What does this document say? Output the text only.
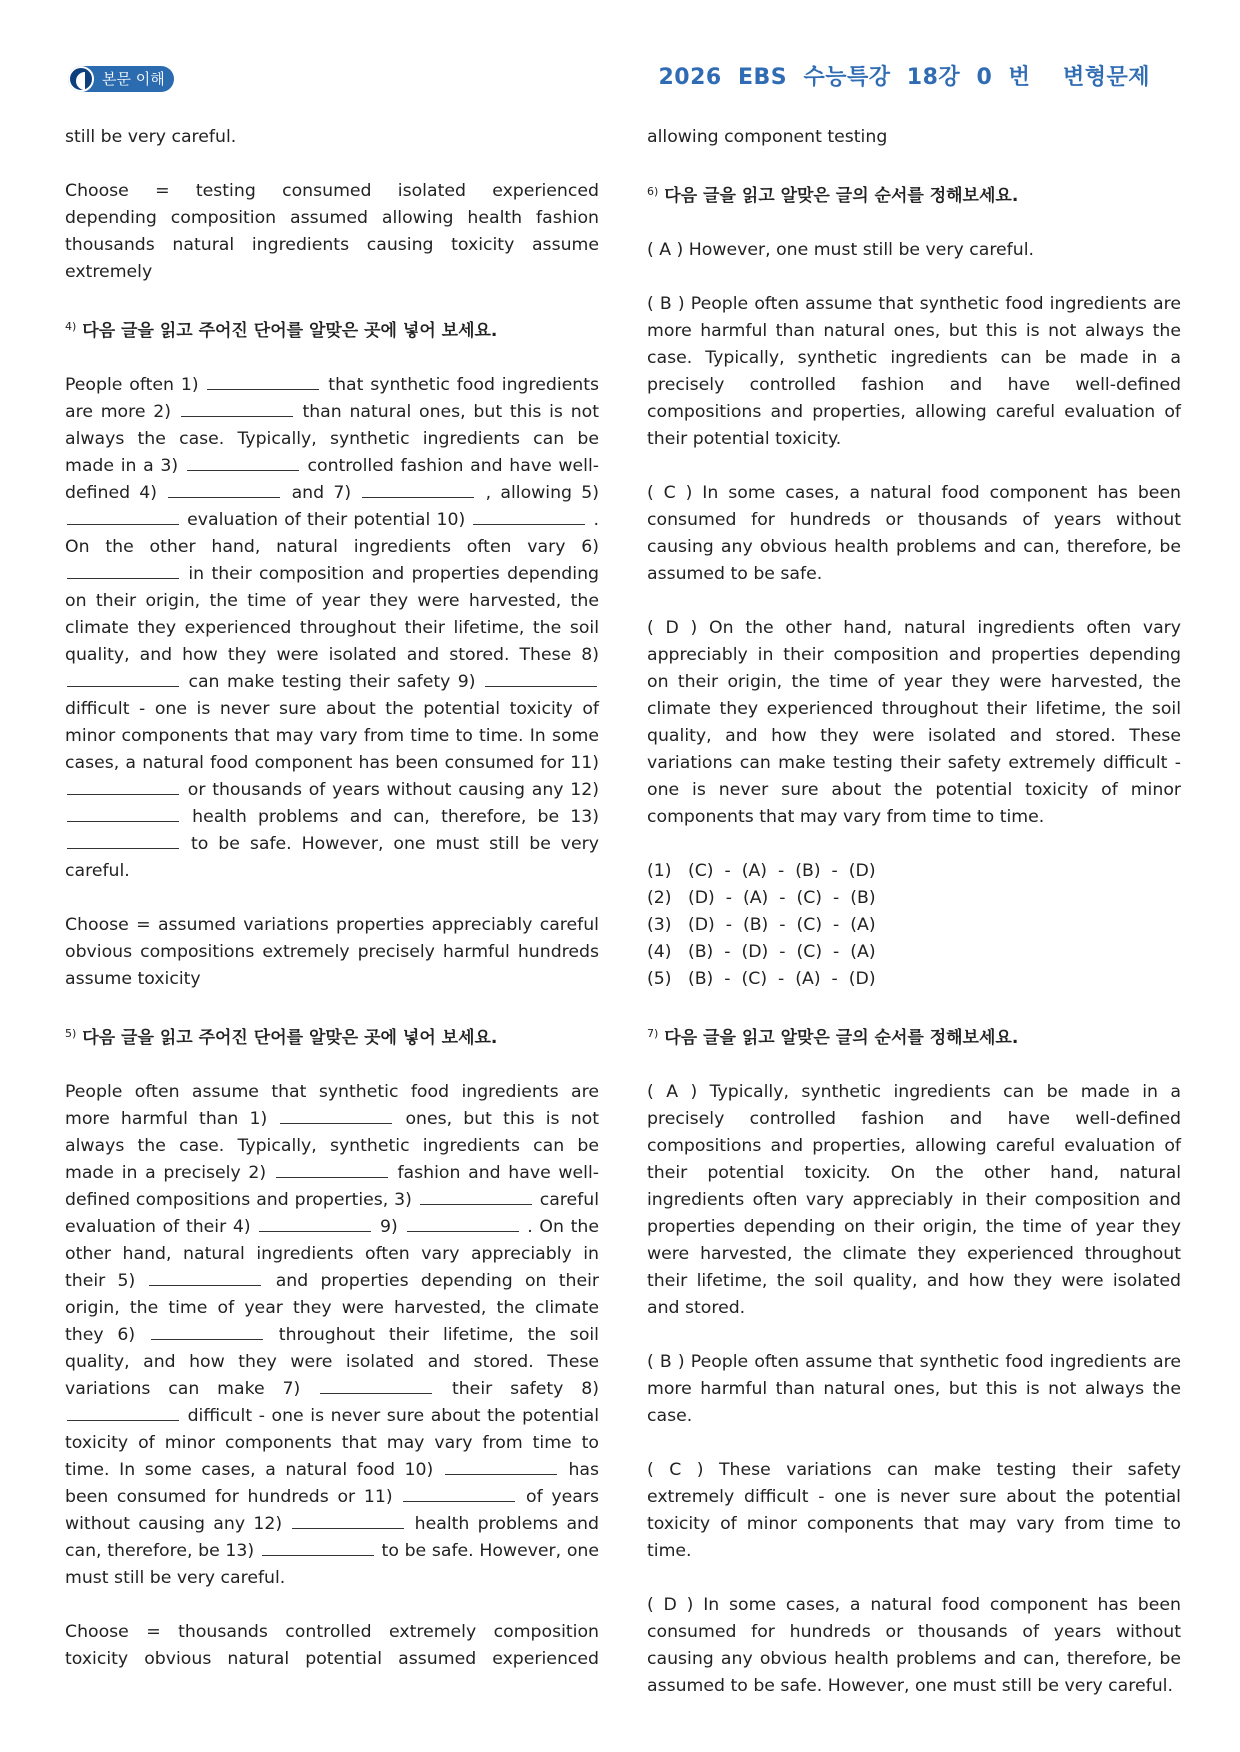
본문 이해	2026  EBS  수능특강  18강  0  번    변형문제

still be very careful.

Choose = testing consumed isolated experienced

depending composition assumed allowing health fashion

thousands natural ingredients causing toxicity assume

extremely

$^{4)}$ 다음 글을 읽고 주어진 단어를 알맞은 곳에 넣어 보세요.

People often 1)	that synthetic food ingredients are more 2)	than natural ones, but this is not always the case. Typically, synthetic ingredients can be made in a 3)	controlled fashion and have well-defined 4)	and 7)	, allowing 5)  evaluation of their potential 10)	. On the other hand, natural ingredients often vary 6)  in their composition and properties depending on their origin, the time of year they were harvested, the climate they experienced throughout their lifetime, the soil quality, and how they were isolated and stored. These 8)  can make testing their safety 9)  difficult - one is never sure about the potential toxicity of minor components that may vary from time to time. In some cases, a natural food component has been consumed for 11)  or thousands of years without causing any 12)  health problems and can, therefore, be 13)  to be safe. However, one must still be very careful.

Choose = assumed variations properties appreciably careful

obvious compositions extremely precisely harmful hundreds

assume toxicity

$^{5)}$ 다음 글을 읽고 주어진 단어를 알맞은 곳에 넣어 보세요.

People often assume that synthetic food ingredients are more harmful than 1)	ones, but this is not always the case. Typically, synthetic ingredients can be made in a precisely 2)	fashion and have well-defined compositions and properties, 3)	careful evaluation of their 4)	9)	. On the other hand, natural ingredients often vary appreciably in their 5)	and properties depending on their origin, the time of year they were harvested, the climate they 6)	throughout their lifetime, the soil quality, and how they were isolated and stored. These variations can make 7)	their safety 8)  difficult - one is never sure about the potential toxicity of minor components that may vary from time to time. In some cases, a natural food 10)	has been consumed for hundreds or 11)	of years without causing any 12)	health problems and can, therefore, be 13)	to be safe. However, one must still be very careful.

Choose = thousands controlled extremely composition

toxicity obvious natural potential assumed experienced

allowing component testing

$^{6)}$ 다음 글을 읽고 알맞은 글의 순서를 정해보세요.

( A ) However, one must still be very careful.

( B ) People often assume that synthetic food ingredients are more harmful than natural ones, but this is not always the case. Typically, synthetic ingredients can be made in a precisely controlled fashion and have well-defined compositions and properties, allowing careful evaluation of their potential toxicity.

( C ) In some cases, a natural food component has been consumed for hundreds or thousands of years without causing any obvious health problems and can, therefore, be assumed to be safe.

( D ) On the other hand, natural ingredients often vary appreciably in their composition and properties depending on their origin, the time of year they were harvested, the climate they experienced throughout their lifetime, the soil quality, and how they were isolated and stored. These variations can make testing their safety extremely difficult - one is never sure about the potential toxicity of minor components that may vary from time to time.

(1)   (C)  -  (A)  -  (B)  -  (D)

(2)   (D)  -  (A)  -  (C)  -  (B)

(3)   (D)  -  (B)  -  (C)  -  (A)

(4)   (B)  -  (D)  -  (C)  -  (A)

(5)   (B)  -  (C)  -  (A)  -  (D)

$^{7)}$ 다음 글을 읽고 알맞은 글의 순서를 정해보세요.

( A ) Typically, synthetic ingredients can be made in a precisely controlled fashion and have well-defined compositions and properties, allowing careful evaluation of their potential toxicity. On the other hand, natural ingredients often vary appreciably in their composition and properties depending on their origin, the time of year they were harvested, the climate they experienced throughout their lifetime, the soil quality, and how they were isolated and stored.

( B ) People often assume that synthetic food ingredients are more harmful than natural ones, but this is not always the case.

( C ) These variations can make testing their safety extremely difficult - one is never sure about the potential toxicity of minor components that may vary from time to time.

( D ) In some cases, a natural food component has been consumed for hundreds or thousands of years without causing any obvious health problems and can, therefore, be assumed to be safe. However, one must still be very careful.
